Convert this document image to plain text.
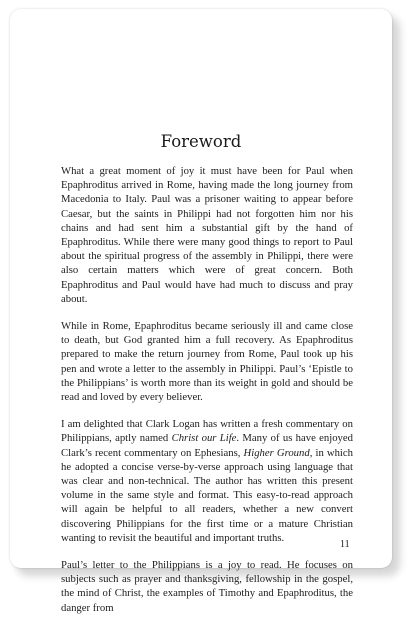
Foreword

What a great moment of joy it must have been for Paul when Epaphroditus arrived in Rome, having made the long journey from Macedonia to Italy. Paul was a prisoner waiting to appear before Caesar, but the saints in Philippi had not forgotten him nor his chains and had sent him a substantial gift by the hand of Epaphroditus. While there were many good things to report to Paul about the spiritual progress of the assembly in Philippi, there were also certain matters which were of great concern. Both Epaphroditus and Paul would have had much to discuss and pray about.

While in Rome, Epaphroditus became seriously ill and came close to death, but God granted him a full recovery. As Epaphroditus prepared to make the return journey from Rome, Paul took up his pen and wrote a letter to the assembly in Philippi. Paul’s ‘Epistle to the Philippians’ is worth more than its weight in gold and should be read and loved by every believer.

I am delighted that Clark Logan has written a fresh commentary on Philippians, aptly named Christ our Life. Many of us have enjoyed Clark’s recent commentary on Ephesians, Higher Ground, in which he adopted a concise verse-by-verse approach using language that was clear and non-technical. The author has written this present volume in the same style and format. This easy-to-read approach will again be helpful to all readers, whether a new convert discovering Philippians for the first time or a mature Christian wanting to revisit the beautiful and important truths.

Paul’s letter to the Philippians is a joy to read. He focuses on subjects such as prayer and thanksgiving, fellowship in the gospel, the mind of Christ, the examples of Timothy and Epaphroditus, the danger from

11
